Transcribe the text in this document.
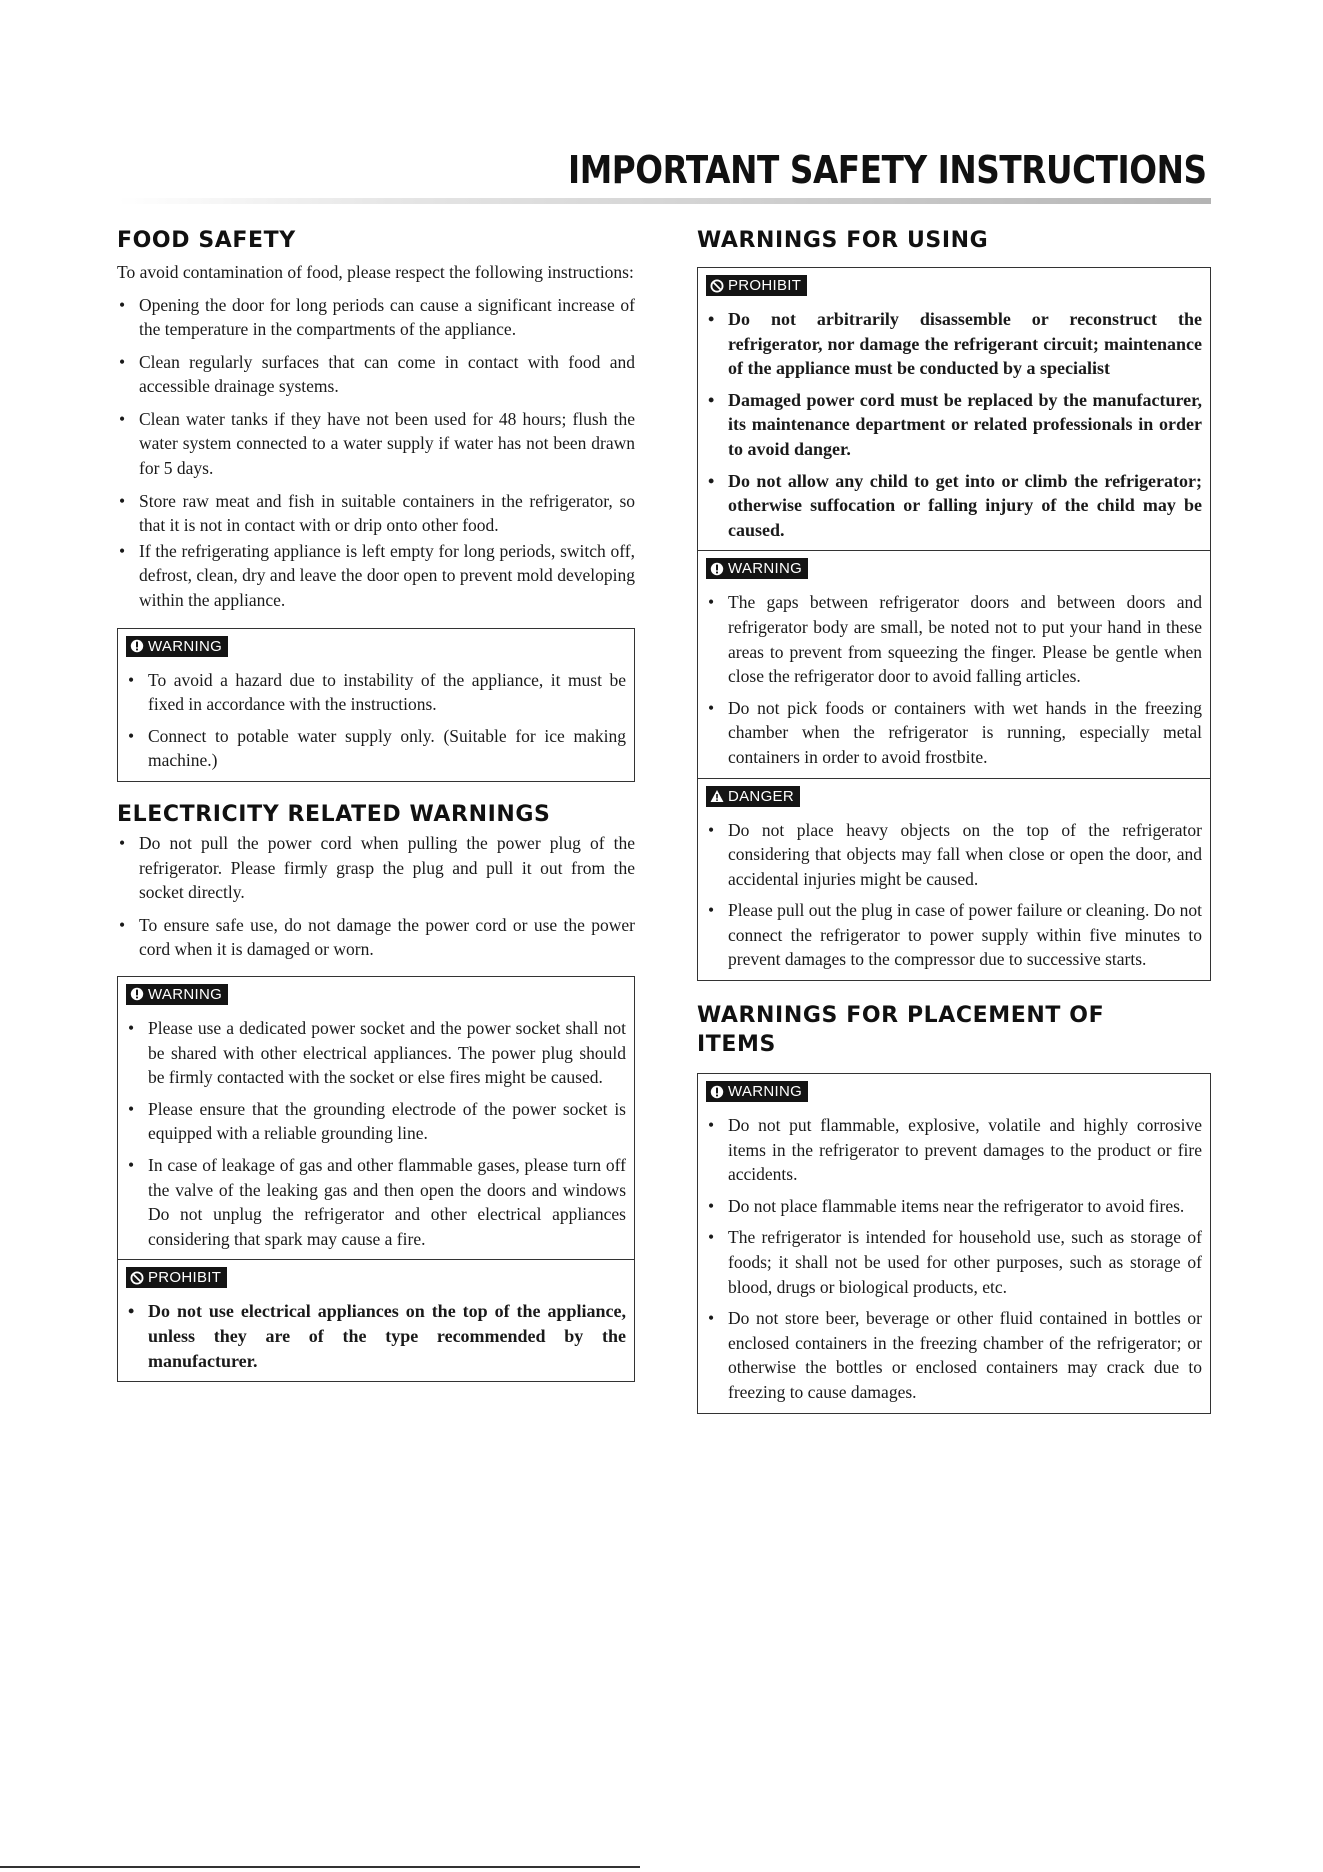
IMPORTANT SAFETY INSTRUCTIONS
FOOD SAFETY

To avoid contamination of food, please respect the following instructions:

• Opening the door for long periods can cause a significant increase of the temperature in the compartments of the appliance.
• Clean regularly surfaces that can come in contact with food and accessible drainage systems.
• Clean water tanks if they have not been used for 48 hours; flush the water system connected to a water supply if water has not been drawn for 5 days.
• Store raw meat and fish in suitable containers in the refrigerator, so that it is not in contact with or drip onto other food.
• If the refrigerating appliance is left empty for long periods, switch off, defrost, clean, dry and leave the door open to prevent mold developing within the appliance.
WARNING
• To avoid a hazard due to instability of the appliance, it must be fixed in accordance with the instructions.
• Connect to potable water supply only. (Suitable for ice making machine.)
ELECTRICITY RELATED WARNINGS
• Do not pull the power cord when pulling the power plug of the refrigerator. Please firmly grasp the plug and pull it out from the socket directly.
• To ensure safe use, do not damage the power cord or use the power cord when it is damaged or worn.
WARNING
• Please use a dedicated power socket and the power socket shall not be shared with other electrical appliances. The power plug should be firmly contacted with the socket or else fires might be caused.
• Please ensure that the grounding electrode of the power socket is equipped with a reliable grounding line.
• In case of leakage of gas and other flammable gases, please turn off the valve of the leaking gas and then open the doors and windows Do not unplug the refrigerator and other electrical appliances considering that spark may cause a fire.
PROHIBIT
• Do not use electrical appliances on the top of the appliance, unless they are of the type recommended by the manufacturer.
WARNINGS FOR USING
PROHIBIT
• Do not arbitrarily disassemble or reconstruct the refrigerator, nor damage the refrigerant circuit; maintenance of the appliance must be conducted by a specialist
• Damaged power cord must be replaced by the manufacturer, its maintenance department or related professionals in order to avoid danger.
• Do not allow any child to get into or climb the refrigerator; otherwise suffocation or falling injury of the child may be caused.
WARNING
• The gaps between refrigerator doors and between doors and refrigerator body are small, be noted not to put your hand in these areas to prevent from squeezing the finger. Please be gentle when close the refrigerator door to avoid falling articles.
• Do not pick foods or containers with wet hands in the freezing chamber when the refrigerator is running, especially metal containers in order to avoid frostbite.
DANGER
• Do not place heavy objects on the top of the refrigerator considering that objects may fall when close or open the door, and accidental injuries might be caused.
• Please pull out the plug in case of power failure or cleaning. Do not connect the refrigerator to power supply within five minutes to prevent damages to the compressor due to successive starts.
WARNINGS FOR PLACEMENT OF ITEMS
WARNING
• Do not put flammable, explosive, volatile and highly corrosive items in the refrigerator to prevent damages to the product or fire accidents.
• Do not place flammable items near the refrigerator to avoid fires.
• The refrigerator is intended for household use, such as storage of foods; it shall not be used for other purposes, such as storage of blood, drugs or biological products, etc.
• Do not store beer, beverage or other fluid contained in bottles or enclosed containers in the freezing chamber of the refrigerator; or otherwise the bottles or enclosed containers may crack due to freezing to cause damages.
